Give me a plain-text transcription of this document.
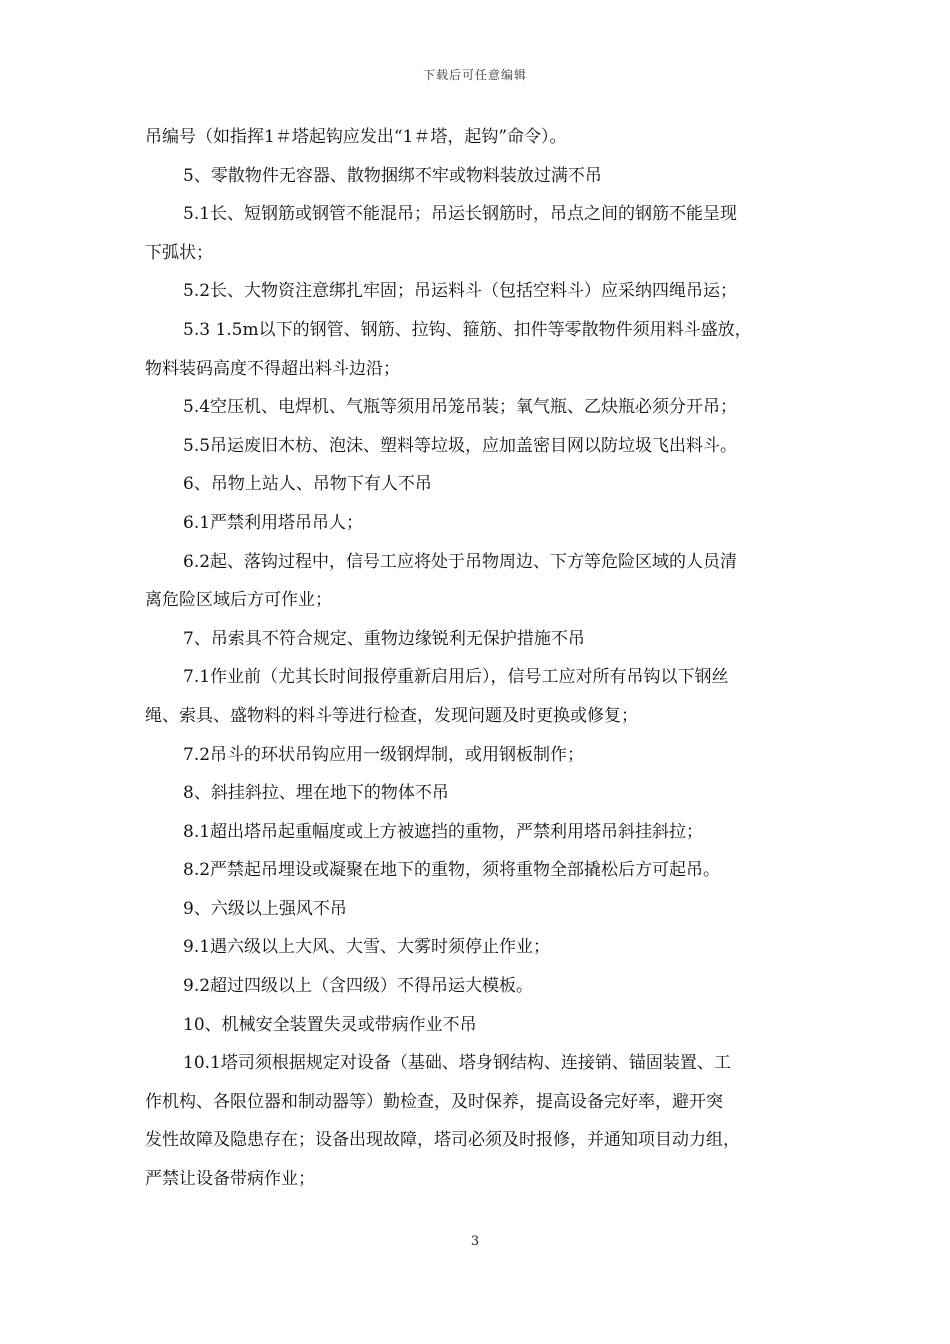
下载后可任意编辑
吊编号（如指挥1＃塔起钩应发出“1＃塔，起钩”命令）。
5、零散物件无容器、散物捆绑不牢或物料装放过满不吊
5.1长、短钢筋或钢管不能混吊；吊运长钢筋时，吊点之间的钢筋不能呈现
下弧状；
5.2长、大物资注意绑扎牢固；吊运料斗（包括空料斗）应采纳四绳吊运；
5.3 1.5m以下的钢管、钢筋、拉钩、箍筋、扣件等零散物件须用料斗盛放，
物料装码高度不得超出料斗边沿；
5.4空压机、电焊机、气瓶等须用吊笼吊装；氧气瓶、乙炔瓶必须分开吊；
5.5吊运废旧木枋、泡沫、塑料等垃圾，应加盖密目网以防垃圾飞出料斗。
6、吊物上站人、吊物下有人不吊
6.1严禁利用塔吊吊人；
6.2起、落钩过程中，信号工应将处于吊物周边、下方等危险区域的人员清
离危险区域后方可作业；
7、吊索具不符合规定、重物边缘锐利无保护措施不吊
7.1作业前（尤其长时间报停重新启用后），信号工应对所有吊钩以下钢丝
绳、索具、盛物料的料斗等进行检查，发现问题及时更换或修复；
7.2吊斗的环状吊钩应用一级钢焊制，或用钢板制作；
8、斜挂斜拉、埋在地下的物体不吊
8.1超出塔吊起重幅度或上方被遮挡的重物，严禁利用塔吊斜挂斜拉；
8.2严禁起吊埋设或凝聚在地下的重物，须将重物全部撬松后方可起吊。
9、六级以上强风不吊
9.1遇六级以上大风、大雪、大雾时须停止作业；
9.2超过四级以上（含四级）不得吊运大模板。
10、机械安全装置失灵或带病作业不吊
10.1塔司须根据规定对设备（基础、塔身钢结构、连接销、锚固装置、工
作机构、各限位器和制动器等）勤检查，及时保养，提高设备完好率，避开突
发性故障及隐患存在；设备出现故障，塔司必须及时报修，并通知项目动力组，
严禁让设备带病作业；
3
